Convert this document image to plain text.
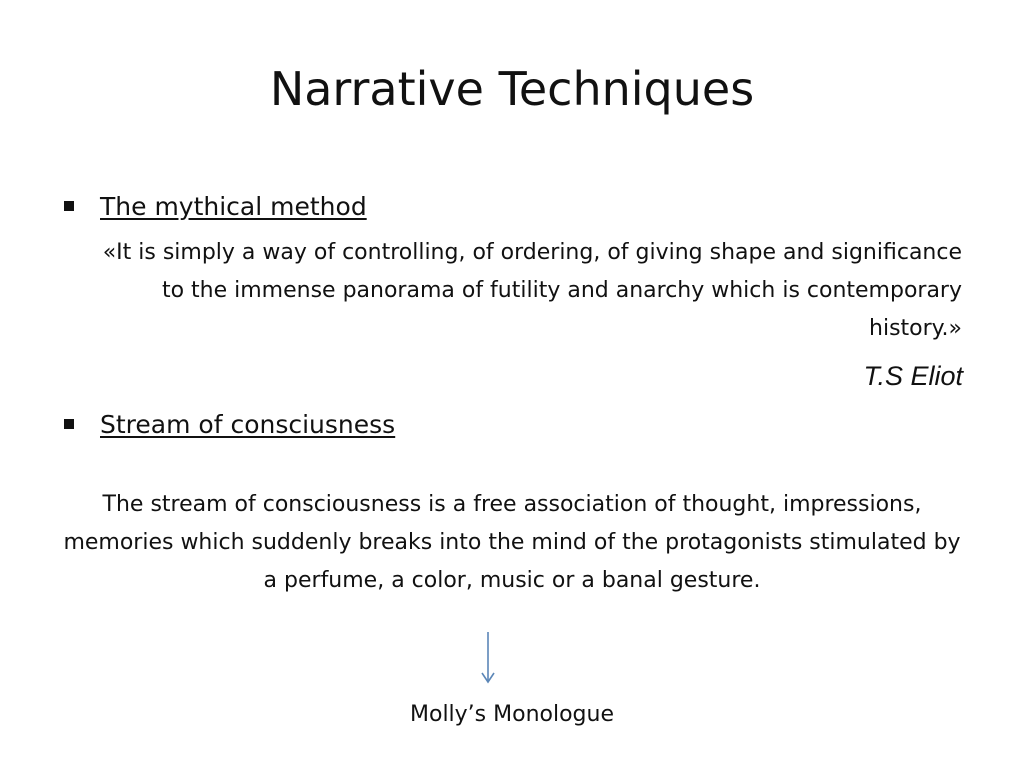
Narrative Techniques
The mythical method
«It is simply a way of controlling, of ordering, of giving shape and significance to the immense panorama of futility and anarchy which is contemporary history.»
T.S Eliot
Stream of consciusness
The stream of consciousness is a free association of thought, impressions, memories which suddenly breaks into the mind of the protagonists stimulated by a perfume, a color, music or a banal gesture.
Molly’s Monologue
